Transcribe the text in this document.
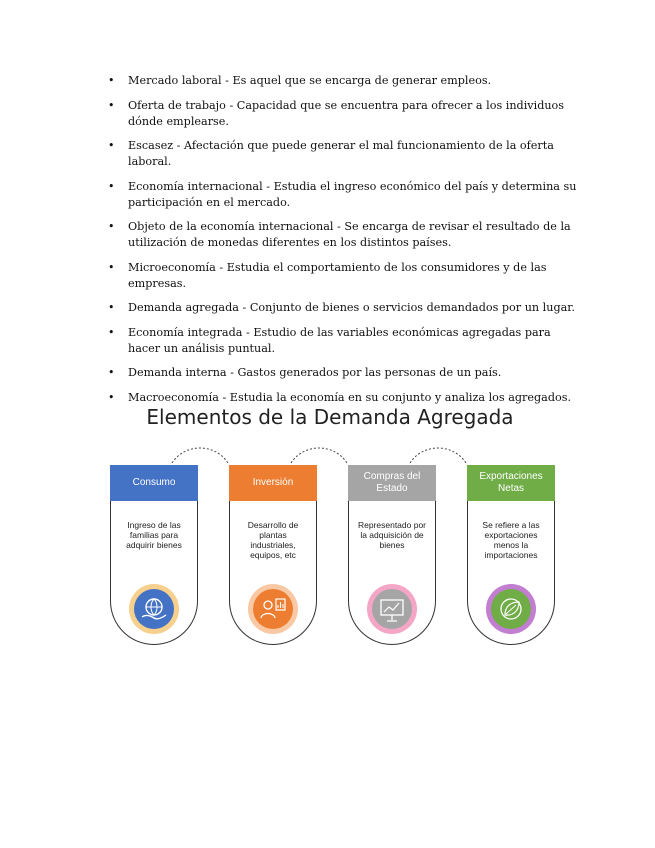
• Mercado laboral - Es aquel que se encarga de generar empleos.
• Oferta de trabajo - Capacidad que se encuentra para ofrecer a los individuos dónde emplearse.
• Escasez - Afectación que puede generar el mal funcionamiento de la oferta laboral.
• Economía internacional - Estudia el ingreso económico del país y determina su participación en el mercado.
• Objeto de la economía internacional - Se encarga de revisar el resultado de la utilización de monedas diferentes en los distintos países.
• Microeconomía - Estudia el comportamiento de los consumidores y de las empresas.
• Demanda agregada - Conjunto de bienes o servicios demandados por un lugar.
• Economía integrada - Estudio de las variables económicas agregadas para hacer un análisis puntual.
• Demanda interna - Gastos generados por las personas de un país.
• Macroeconomía - Estudia la economía en su conjunto y analiza los agregados.
Elementos de la Demanda Agregada
Consumo
Ingreso de las familias para adquirir bienes
Inversión
Desarrollo de plantas industriales, equipos, etc
Compras del Estado
Representado por la adquisición de bienes
Exportaciones Netas
Se refiere a las exportaciones menos la importaciones
